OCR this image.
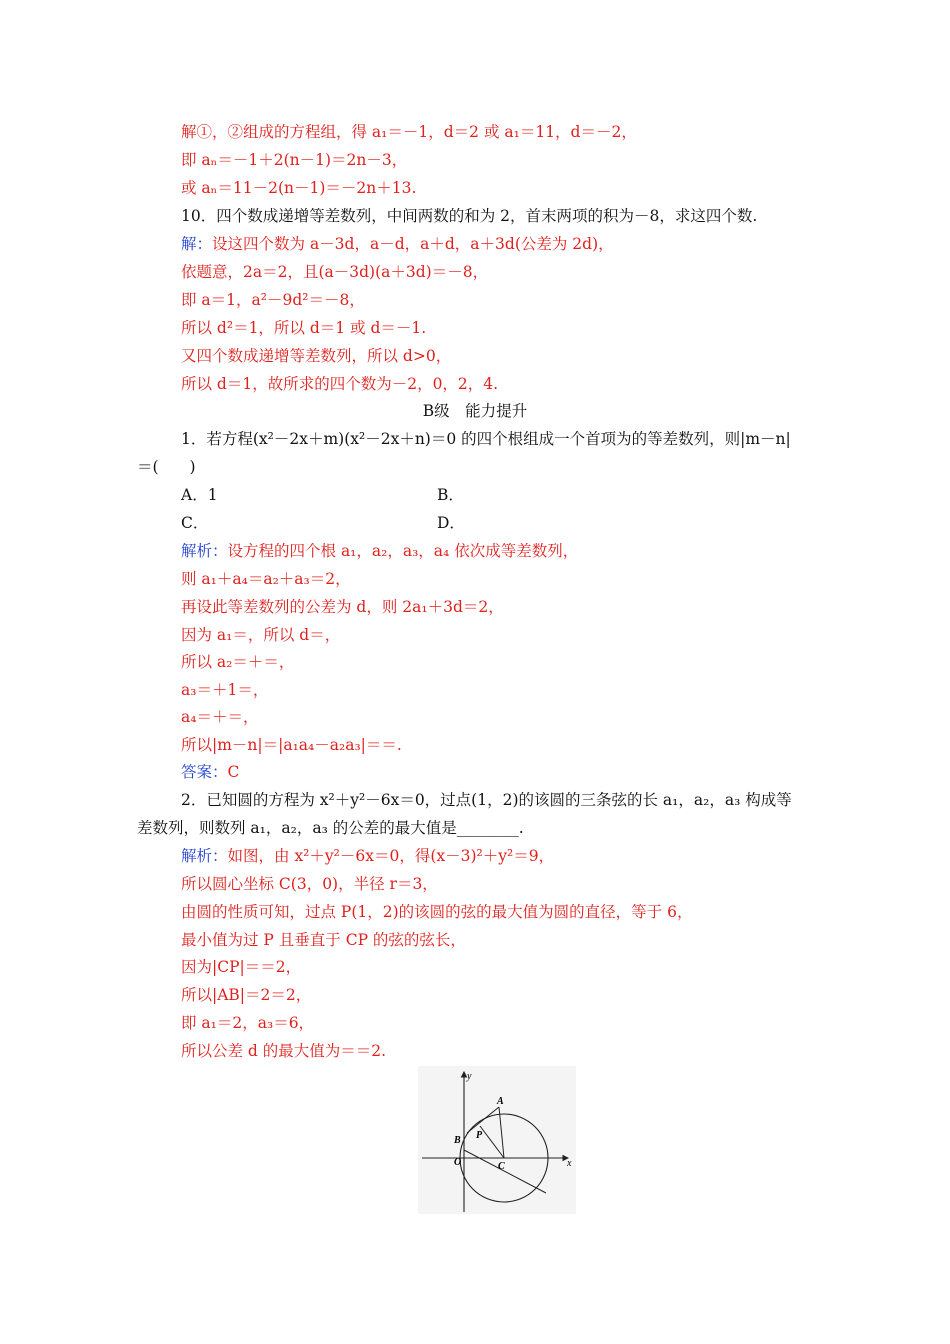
解①，②组成的方程组，得 a₁＝－1，d＝2 或 a₁＝11，d＝－2，
即 aₙ＝－1＋2(n－1)＝2n－3，
或 aₙ＝11－2(n－1)＝－2n＋13.
10．四个数成递增等差数列，中间两数的和为 2，首末两项的积为－8，求这四个数.
解：设这四个数为 a－3d，a－d，a＋d，a＋3d(公差为 2d)，
依题意，2a＝2，且(a－3d)(a＋3d)＝－8，
即 a＝1，a²－9d²＝－8，
所以 d²＝1，所以 d＝1 或 d＝－1.
又四个数成递增等差数列，所以 d>0，
所以 d＝1，故所求的四个数为－2，0，2，4.
B级　能力提升
1．若方程(x²－2x＋m)(x²－2x＋n)＝0 的四个根组成一个首项为的等差数列，则|m－n|
＝(　　)
A．1	B．
C．	D．
解析：设方程的四个根 a₁，a₂，a₃，a₄ 依次成等差数列，
则 a₁＋a₄＝a₂＋a₃＝2，
再设此等差数列的公差为 d，则 2a₁＋3d＝2，
因为 a₁＝，所以 d＝，
所以 a₂＝＋＝，
a₃＝＋1＝，
a₄＝＋＝，
所以|m－n|＝|a₁a₄－a₂a₃|＝＝.
答案：C
2．已知圆的方程为 x²＋y²－6x＝0，过点(1，2)的该圆的三条弦的长 a₁，a₂，a₃ 构成等
差数列，则数列 a₁，a₂，a₃ 的公差的最大值是________.
解析：如图，由 x²＋y²－6x＝0，得(x－3)²＋y²＝9，
所以圆心坐标 C(3，0)，半径 r＝3，
由圆的性质可知，过点 P(1，2)的该圆的弦的最大值为圆的直径，等于 6，
最小值为过 P 且垂直于 CP 的弦的弦长，
因为|CP|＝＝2，
所以|AB|＝2＝2，
即 a₁＝2，a₃＝6，
所以公差 d 的最大值为＝＝2.
y
x
A
B P
O	C
